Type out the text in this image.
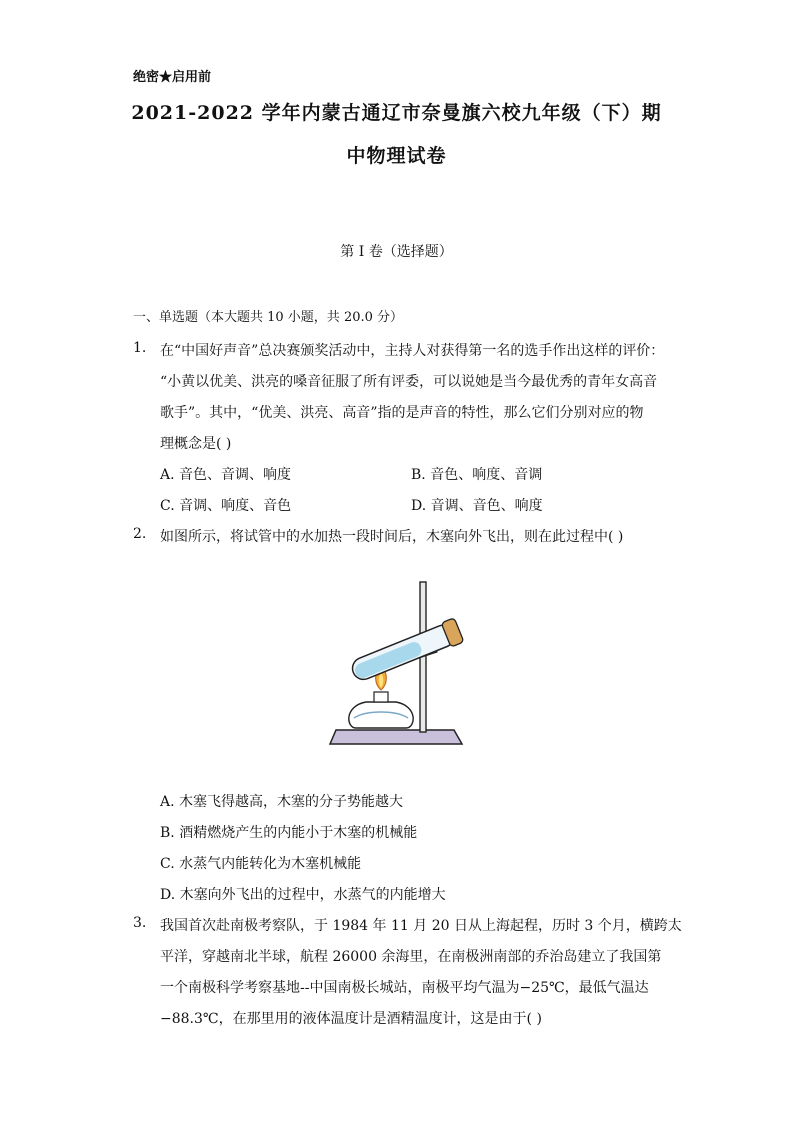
绝密★启用前
2021-2022 学年内蒙古通辽市奈曼旗六校九年级（下）期
中物理试卷
第 I 卷（选择题）
一、单选题（本大题共 10 小题，共 20.0 分）
1. 在“中国好声音”总决赛颁奖活动中，主持人对获得第一名的选手作出这样的评价：
“小黄以优美、洪亮的嗓音征服了所有评委，可以说她是当今最优秀的青年女高音
歌手”。其中，“优美、洪亮、高音”指的是声音的特性，那么它们分别对应的物
理概念是( )
A. 音色、音调、响度	B. 音色、响度、音调
C. 音调、响度、音色	D. 音调、音色、响度
2. 如图所示，将试管中的水加热一段时间后，木塞向外飞出，则在此过程中( )
A. 木塞飞得越高，木塞的分子势能越大
B. 酒精燃烧产生的内能小于木塞的机械能
C. 水蒸气内能转化为木塞机械能
D. 木塞向外飞出的过程中，水蒸气的内能增大
3. 我国首次赴南极考察队，于 1984 年 11 月 20 日从上海起程，历时 3 个月，横跨太
平洋，穿越南北半球，航程 26000 余海里，在南极洲南部的乔治岛建立了我国第
一个南极科学考察基地--中国南极长城站，南极平均气温为−25℃，最低气温达
−88.3℃，在那里用的液体温度计是酒精温度计，这是由于( )
